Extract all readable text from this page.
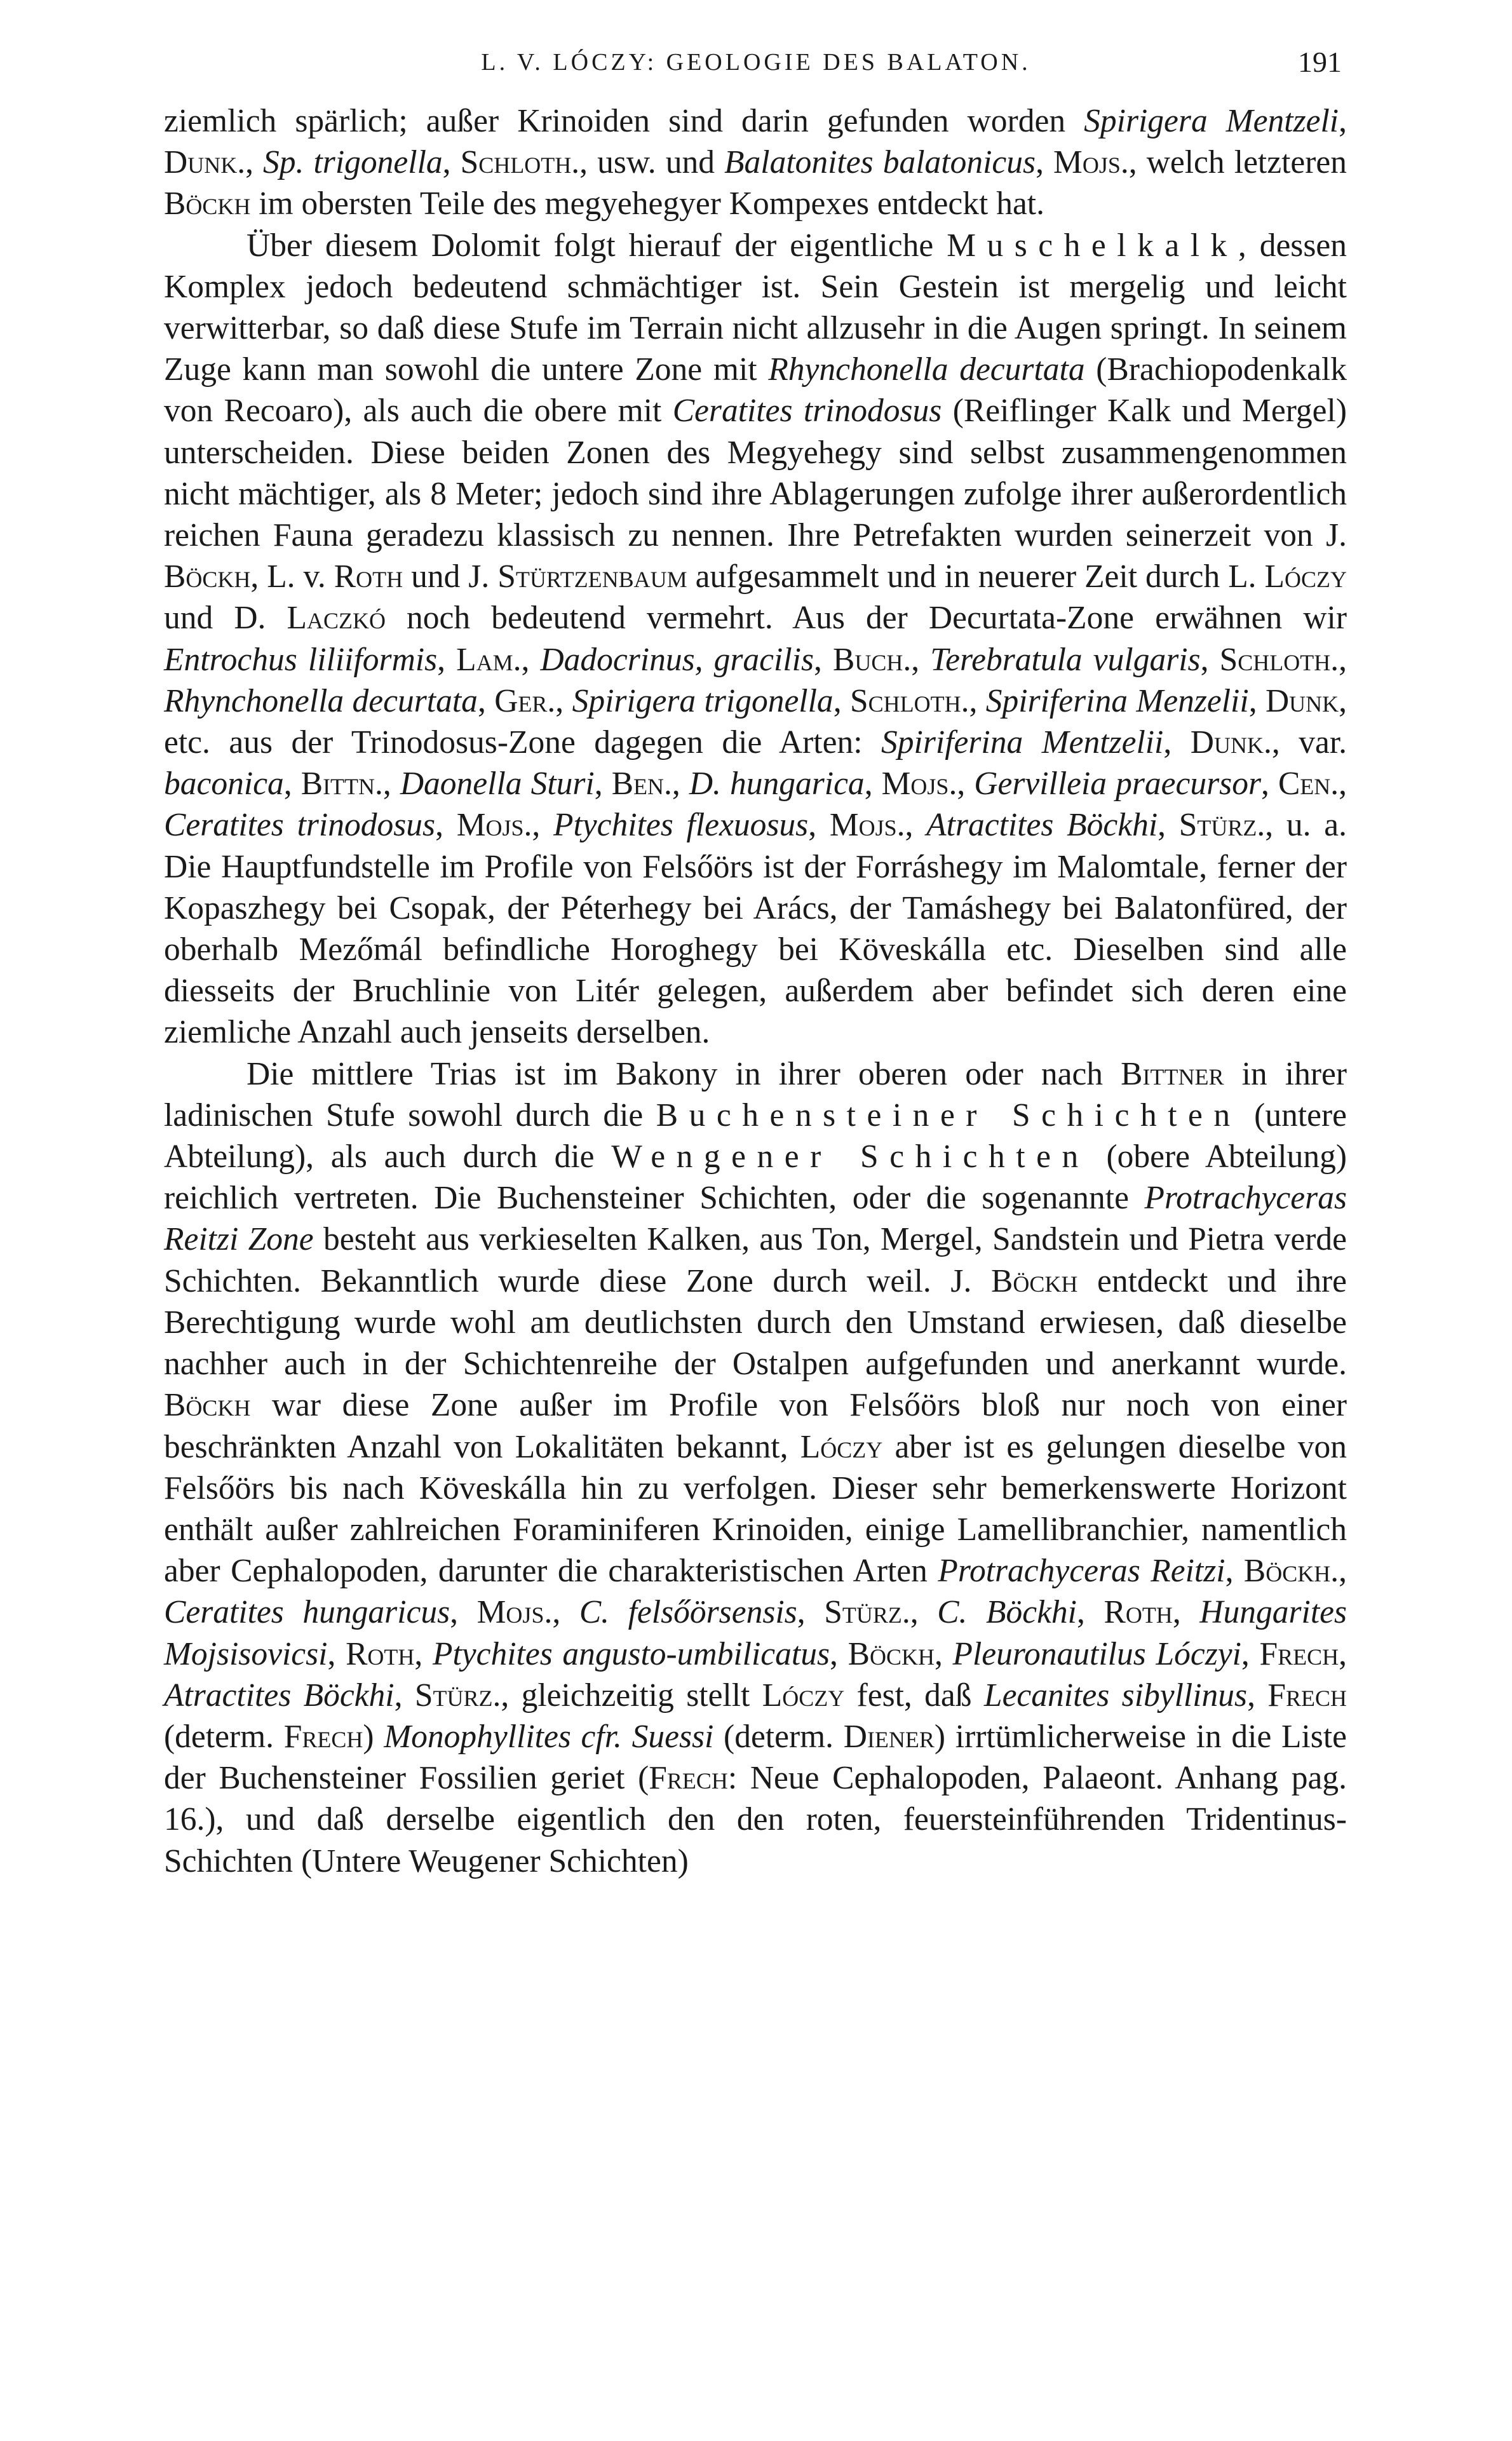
L. V. LÓCZY: GEOLOGIE DES BALATON.	191

ziemlich spärlich; außer Krinoiden sind darin gefunden worden Spirigera Mentzeli, Dunk., Sp. trigonella, Schloth., usw. und Balatonites balatonicus, Mojs., welch letzteren Böckh im obersten Teile des megyehegyer Kompexes entdeckt hat.

Über diesem Dolomit folgt hierauf der eigentliche Muschelkalk, dessen Komplex jedoch bedeutend schmächtiger ist. Sein Gestein ist mergelig und leicht verwitterbar, so daß diese Stufe im Terrain nicht allzusehr in die Augen springt. In seinem Zuge kann man sowohl die untere Zone mit Rhynchonella decurtata (Brachiopodenkalk von Recoaro), als auch die obere mit Ceratites trinodosus (Reiflinger Kalk und Mergel) unterscheiden. Diese beiden Zonen des Megyehegy sind selbst zusammengenommen nicht mächtiger, als 8 Meter; jedoch sind ihre Ablagerungen zufolge ihrer außerordentlich reichen Fauna geradezu klassisch zu nennen. Ihre Petrefakten wurden seinerzeit von J. Böckh, L. v. Roth und J. Stürtzenbaum aufgesammelt und in neuerer Zeit durch L. Lóczy und D. Laczkó noch bedeutend vermehrt. Aus der Decurtata-Zone erwähnen wir Entrochus liliiformis, Lam., Dadocrinus, gracilis, Buch., Terebratula vulgaris, Schloth., Rhynchonella decurtata, Ger., Spirigera trigonella, Schloth., Spiriferina Menzelii, Dunk, etc. aus der Trinodosus-Zone dagegen die Arten: Spiriferina Mentzelii, Dunk., var. baconica, Bittn., Daonella Sturi, Ben., D. hungarica, Mojs., Gervilleia praecursor, Cen., Ceratites trinodosus, Mojs., Ptychites flexuosus, Mojs., Atractites Böckhi, Stürz., u. a. Die Hauptfundstelle im Profile von Felsőörs ist der Forráshegy im Malomtale, ferner der Kopaszhegy bei Csopak, der Péterhegy bei Arács, der Tamáshegy bei Balatonfüred, der oberhalb Mezőmál befindliche Horoghegy bei Köveskálla etc. Dieselben sind alle diesseits der Bruchlinie von Litér gelegen, außerdem aber befindet sich deren eine ziemliche Anzahl auch jenseits derselben.

Die mittlere Trias ist im Bakony in ihrer oberen oder nach Bittner in ihrer ladinischen Stufe sowohl durch die Buchensteiner Schichten (untere Abteilung), als auch durch die Wengener Schichten (obere Abteilung) reichlich vertreten. Die Buchensteiner Schichten, oder die sogenannte Protrachyceras Reitzi Zone besteht aus verkieselten Kalken, aus Ton, Mergel, Sandstein und Pietra verde Schichten. Bekanntlich wurde diese Zone durch weil. J. Böckh entdeckt und ihre Berechtigung wurde wohl am deutlichsten durch den Umstand erwiesen, daß dieselbe nachher auch in der Schichtenreihe der Ostalpen aufgefunden und anerkannt wurde. Böckh war diese Zone außer im Profile von Felsőörs bloß nur noch von einer beschränkten Anzahl von Lokalitäten bekannt, Lóczy aber ist es gelungen dieselbe von Felsőörs bis nach Köveskálla hin zu verfolgen. Dieser sehr bemerkenswerte Horizont enthält außer zahlreichen Foraminiferen Krinoiden, einige Lamellibranchier, namentlich aber Cephalopoden, darunter die charakteristischen Arten Protrachyceras Reitzi, Böckh., Ceratites hungaricus, Mojs., C. felsőörsensis, Stürz., C. Böckhi, Roth, Hungarites Mojsisovicsi, Roth, Ptychites angusto-umbilicatus, Böckh, Pleuronautilus Lóczyi, Frech, Atractites Böckhi, Stürz., gleichzeitig stellt Lóczy fest, daß Lecanites sibyllinus, Frech (determ. Frech) Monophyllites cfr. Suessi (determ. Diener) irrtümlicherweise in die Liste der Buchensteiner Fossilien geriet (Frech: Neue Cephalopoden, Palaeont. Anhang pag. 16.), und daß derselbe eigentlich den den roten, feuersteinführenden Tridentinus-Schichten (Untere Weugener Schichten)
